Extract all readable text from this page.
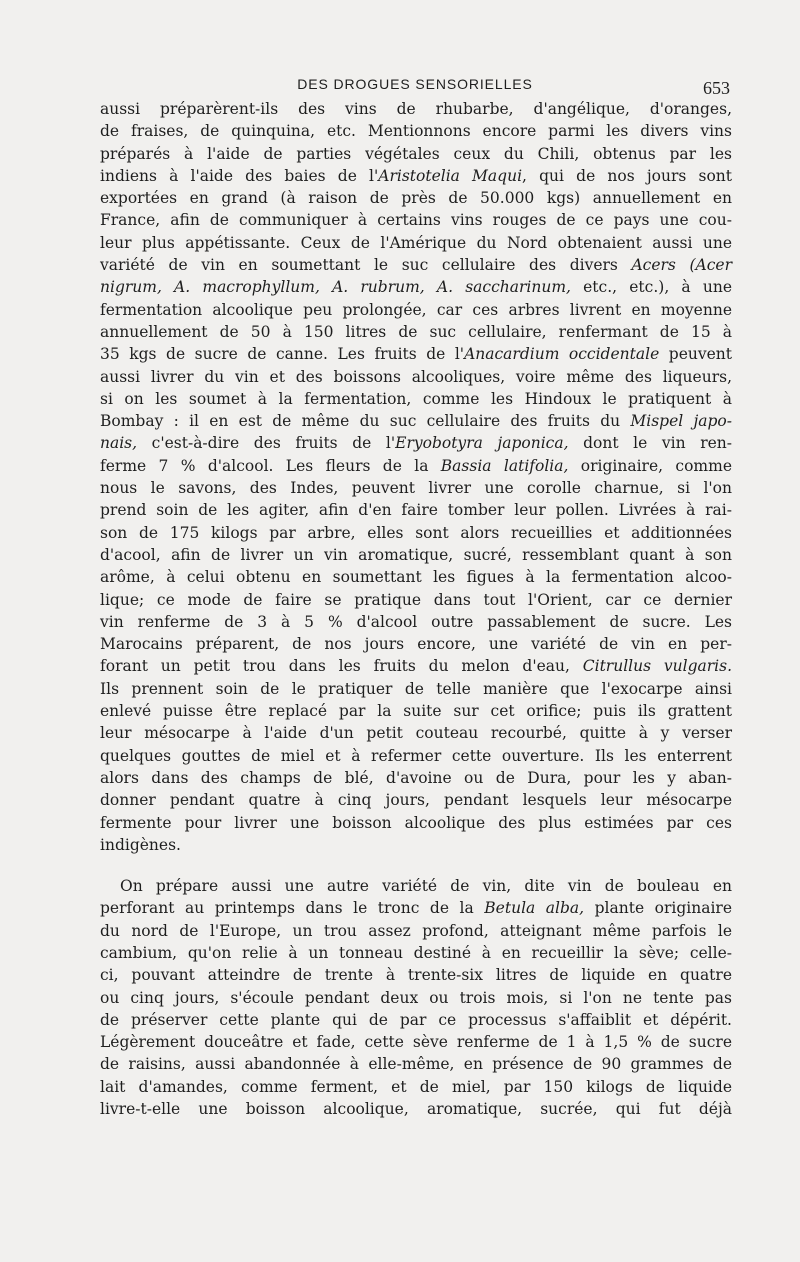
DES DROGUES SENSORIELLES	653
aussi préparèrent-ils des vins de rhubarbe, d'angélique, d'oranges,
de fraises, de quinquina, etc. Mentionnons encore parmi les divers vins
préparés à l'aide de parties végétales ceux du Chili, obtenus par les
indiens à l'aide des baies de l'Aristotelia Maqui, qui de nos jours sont
exportées en grand (à raison de près de 50.000 kgs) annuellement en
France, afin de communiquer à certains vins rouges de ce pays une cou-
leur plus appétissante. Ceux de l'Amérique du Nord obtenaient aussi une
variété de vin en soumettant le suc cellulaire des divers Acers (Acer
nigrum, A. macrophyllum, A. rubrum, A. saccharinum, etc., etc.), à une
fermentation alcoolique peu prolongée, car ces arbres livrent en moyenne
annuellement de 50 à 150 litres de suc cellulaire, renfermant de 15 à
35 kgs de sucre de canne. Les fruits de l'Anacardium occidentale peuvent
aussi livrer du vin et des boissons alcooliques, voire même des liqueurs,
si on les soumet à la fermentation, comme les Hindoux le pratiquent à
Bombay : il en est de même du suc cellulaire des fruits du Mispel japo-
nais, c'est-à-dire des fruits de l'Eryobotyra japonica, dont le vin ren-
ferme 7 % d'alcool. Les fleurs de la Bassia latifolia, originaire, comme
nous le savons, des Indes, peuvent livrer une corolle charnue, si l'on
prend soin de les agiter, afin d'en faire tomber leur pollen. Livrées à rai-
son de 175 kilogs par arbre, elles sont alors recueillies et additionnées
d'acool, afin de livrer un vin aromatique, sucré, ressemblant quant à son
arôme, à celui obtenu en soumettant les figues à la fermentation alcoo-
lique; ce mode de faire se pratique dans tout l'Orient, car ce dernier
vin renferme de 3 à 5 % d'alcool outre passablement de sucre. Les
Marocains préparent, de nos jours encore, une variété de vin en per-
forant un petit trou dans les fruits du melon d'eau, Citrullus vulgaris.
Ils prennent soin de le pratiquer de telle manière que l'exocarpe ainsi
enlevé puisse être replacé par la suite sur cet orifice; puis ils grattent
leur mésocarpe à l'aide d'un petit couteau recourbé, quitte à y verser
quelques gouttes de miel et à refermer cette ouverture. Ils les enterrent
alors dans des champs de blé, d'avoine ou de Dura, pour les y aban-
donner pendant quatre à cinq jours, pendant lesquels leur mésocarpe
fermente pour livrer une boisson alcoolique des plus estimées par ces
indigènes.
On prépare aussi une autre variété de vin, dite vin de bouleau en
perforant au printemps dans le tronc de la Betula alba, plante originaire
du nord de l'Europe, un trou assez profond, atteignant même parfois le
cambium, qu'on relie à un tonneau destiné à en recueillir la sève; celle-
ci, pouvant atteindre de trente à trente-six litres de liquide en quatre
ou cinq jours, s'écoule pendant deux ou trois mois, si l'on ne tente pas
de préserver cette plante qui de par ce processus s'affaiblit et dépérit.
Légèrement douceâtre et fade, cette sève renferme de 1 à 1,5 % de sucre
de raisins, aussi abandonnée à elle-même, en présence de 90 grammes de
lait d'amandes, comme ferment, et de miel, par 150 kilogs de liquide
livre-t-elle une boisson alcoolique, aromatique, sucrée, qui fut déjà
